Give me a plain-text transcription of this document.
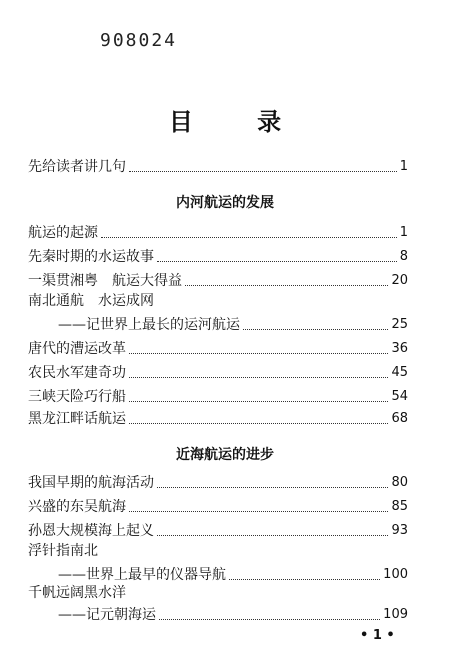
908024
目 录
先给读者讲几句	1
内河航运的发展
航运的起源	1
先秦时期的水运故事	8
一渠贯湘粤　航运大得益	20
南北通航　水运成网
——记世界上最长的运河航运	25
唐代的漕运改革	36
农民水军建奇功	45
三峡天险巧行船	54
黑龙江畔话航运	68
近海航运的进步
我国早期的航海活动	80
兴盛的东吴航海	85
孙恩大规模海上起义	93
浮针指南北
——世界上最早的仪器导航	100
千帆远阔黑水洋
——记元朝海运	109
• 1 •
